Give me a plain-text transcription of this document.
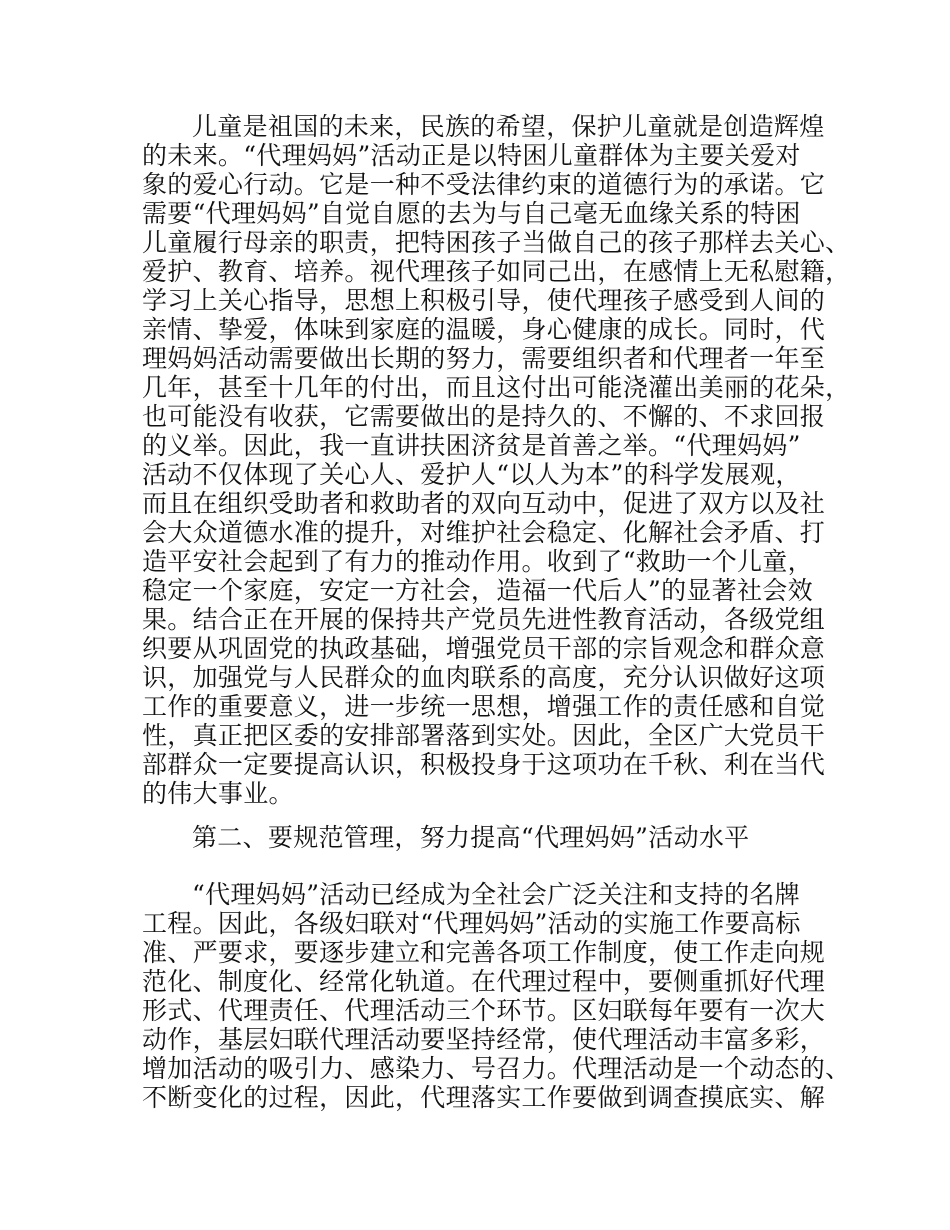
儿童是祖国的未来，民族的希望，保护儿童就是创造辉煌
的未来。“代理妈妈”活动正是以特困儿童群体为主要关爱对
象的爱心行动。它是一种不受法律约束的道德行为的承诺。它
需要“代理妈妈”自觉自愿的去为与自己毫无血缘关系的特困
儿童履行母亲的职责，把特困孩子当做自己的孩子那样去关心、
爱护、教育、培养。视代理孩子如同己出，在感情上无私慰籍，
学习上关心指导，思想上积极引导，使代理孩子感受到人间的
亲情、挚爱，体味到家庭的温暖，身心健康的成长。同时，代
理妈妈活动需要做出长期的努力，需要组织者和代理者一年至
几年，甚至十几年的付出，而且这付出可能浇灌出美丽的花朵，
也可能没有收获，它需要做出的是持久的、不懈的、不求回报
的义举。因此，我一直讲扶困济贫是首善之举。“代理妈妈”
活动不仅体现了关心人、爱护人“以人为本”的科学发展观，
而且在组织受助者和救助者的双向互动中，促进了双方以及社
会大众道德水准的提升，对维护社会稳定、化解社会矛盾、打
造平安社会起到了有力的推动作用。收到了“救助一个儿童，
稳定一个家庭，安定一方社会，造福一代后人”的显著社会效
果。结合正在开展的保持共产党员先进性教育活动，各级党组
织要从巩固党的执政基础，增强党员干部的宗旨观念和群众意
识，加强党与人民群众的血肉联系的高度，充分认识做好这项
工作的重要意义，进一步统一思想，增强工作的责任感和自觉
性，真正把区委的安排部署落到实处。因此，全区广大党员干
部群众一定要提高认识，积极投身于这项功在千秋、利在当代
的伟大事业。
第二、要规范管理，努力提高“代理妈妈”活动水平
“代理妈妈”活动已经成为全社会广泛关注和支持的名牌
工程。因此，各级妇联对“代理妈妈”活动的实施工作要高标
准、严要求，要逐步建立和完善各项工作制度，使工作走向规
范化、制度化、经常化轨道。在代理过程中，要侧重抓好代理
形式、代理责任、代理活动三个环节。区妇联每年要有一次大
动作，基层妇联代理活动要坚持经常，使代理活动丰富多彩，
增加活动的吸引力、感染力、号召力。代理活动是一个动态的、
不断变化的过程，因此，代理落实工作要做到调查摸底实、解
